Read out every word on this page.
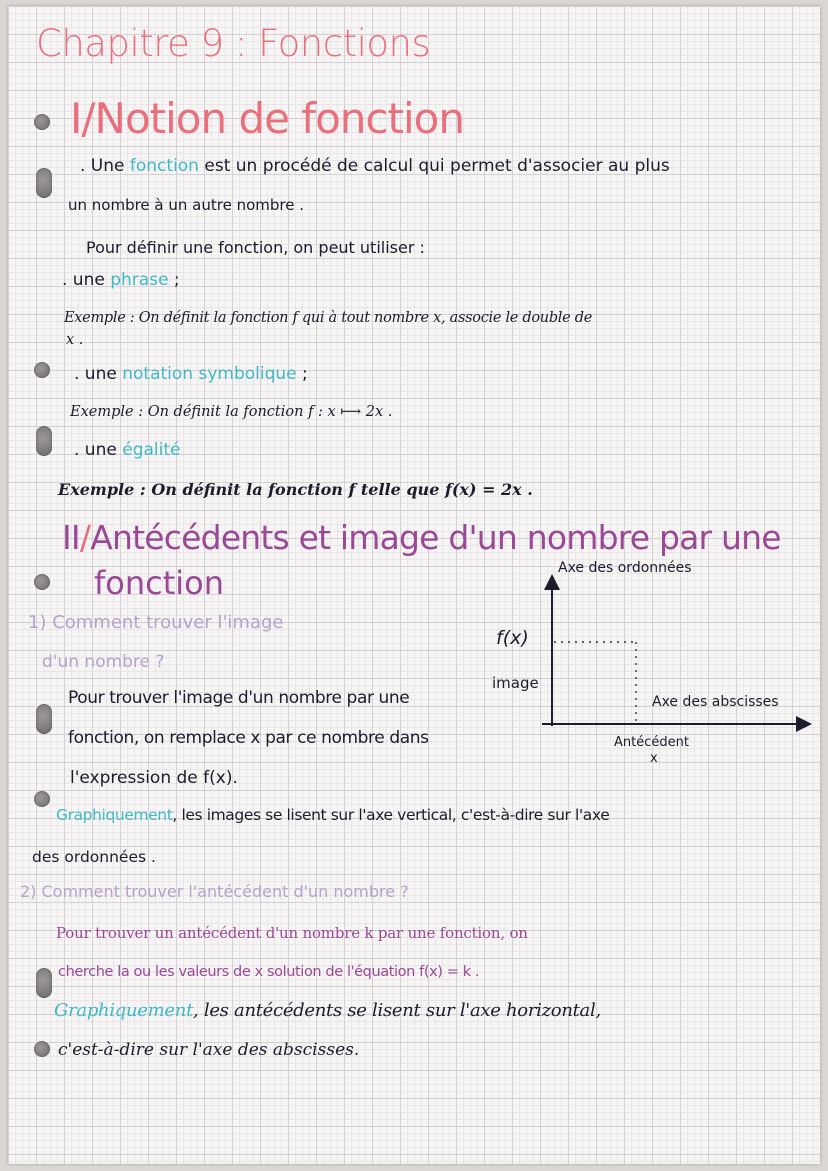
Chapitre 9 : Fonctions
I/Notion de fonction
. Une fonction est un procédé de calcul qui permet d'associer au plus
un nombre à un autre nombre .
Pour définir une fonction, on peut utiliser :
. une phrase ;
Exemple : On définit la fonction f qui à tout nombre x, associe le double de
x .
. une notation symbolique ;
Exemple : On définit la fonction f : x ⟼ 2x .
. une égalité
Exemple : On définit la fonction f telle que f(x) = 2x .
II/Antécédents et image d'un nombre par une
fonction
1) Comment trouver l'image
d'un nombre ?
Pour trouver l'image d'un nombre par une
fonction, on remplace x par ce nombre dans
l'expression de f(x).
Axe des ordonnées
f(x)
image
Axe des abscisses
Antécédent
x
Graphiquement, les images se lisent sur l'axe vertical, c'est-à-dire sur l'axe
des ordonnées .
2) Comment trouver l'antécédent d'un nombre ?
Pour trouver un antécédent d'un nombre k par une fonction, on
cherche la ou les valeurs de x solution de l'équation f(x) = k .
Graphiquement, les antécédents se lisent sur l'axe horizontal,
c'est-à-dire sur l'axe des abscisses.
